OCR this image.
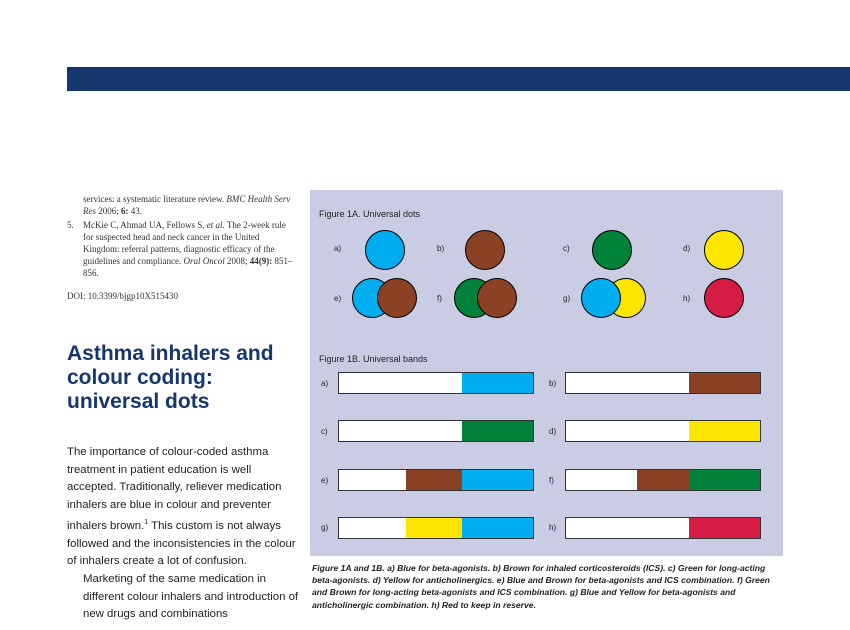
services: a systematic literature review. BMC Health Serv Res 2006; 6: 43.

5.	McKie C, Ahmad UA, Fellows S, et al. The 2-week rule for suspected head and neck cancer in the United Kingdom: referral patterns, diagnostic efficacy of the guidelines and compliance. Oral Oncol 2008; 44(9): 851–856.

DOI: 10.3399/bjgp10X515430

Asthma inhalers and colour coding: universal dots

The importance of colour-coded asthma treatment in patient education is well accepted. Traditionally, reliever medication inhalers are blue in colour and preventer inhalers brown.$^1$ This custom is not always followed and the inconsistencies in the colour of inhalers create a lot of confusion.

Marketing of the same medication in different colour inhalers and introduction of new drugs and combinations

Figure 1A. Universal dots
a)	b)	c)	d)
e)	f)	g)	h)
Figure 1B. Universal bands
a)	b)
c)	d)
e)	f)
g)	h)

Figure 1A and 1B. a) Blue for beta-agonists. b) Brown for inhaled corticosteroids (ICS). c) Green for long-acting beta-agonists. d) Yellow for anticholinergics. e) Blue and Brown for beta-agonists and ICS combination. f) Green and Brown for long-acting beta-agonists and ICS combination. g) Blue and Yellow for beta-agonists and anticholinergic combination. h) Red to keep in reserve.
